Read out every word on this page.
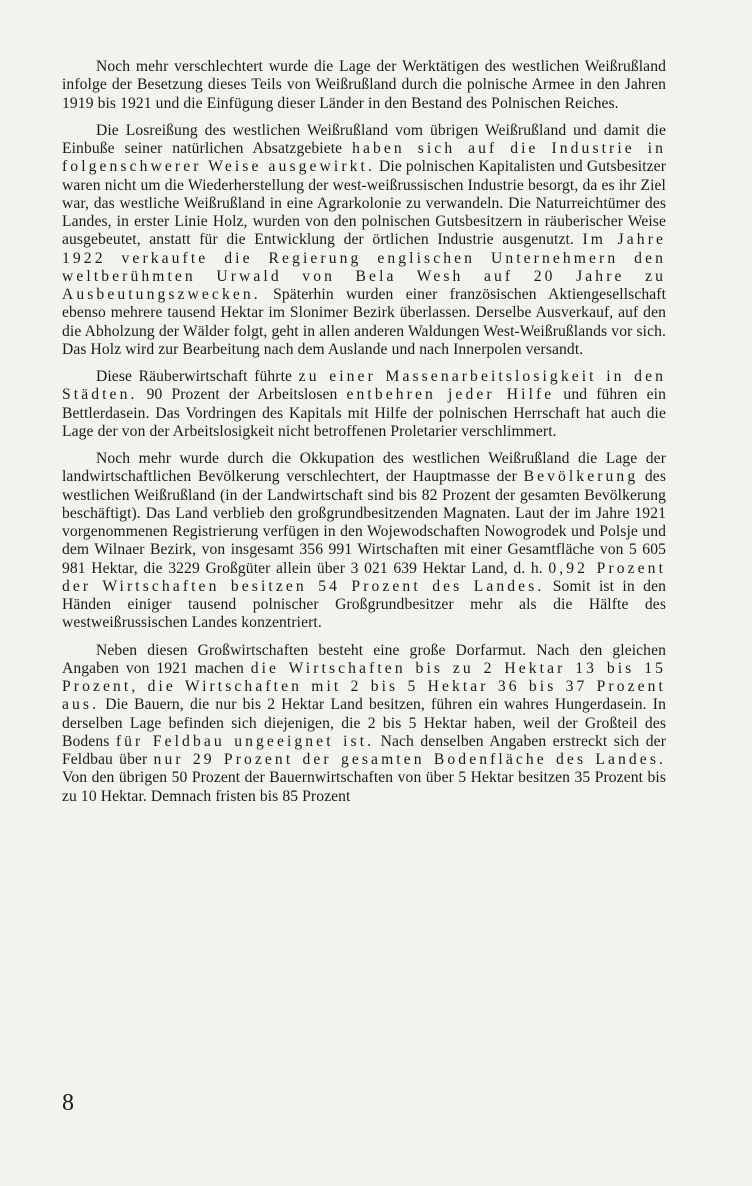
Noch mehr verschlechtert wurde die Lage der Werktätigen des westlichen Weißrußland infolge der Besetzung dieses Teils von Weißrußland durch die polnische Armee in den Jahren 1919 bis 1921 und die Einfügung dieser Länder in den Bestand des Polnischen Reiches.

Die Losreißung des westlichen Weißrußland vom übrigen Weißrußland und damit die Einbuße seiner natürlichen Absatzgebiete haben sich auf die Industrie in folgenschwerer Weise ausgewirkt. Die polnischen Kapitalisten und Gutsbesitzer waren nicht um die Wiederherstellung der west-weißrussischen Industrie besorgt, da es ihr Ziel war, das westliche Weißrußland in eine Agrarkolonie zu verwandeln. Die Naturreichtümer des Landes, in erster Linie Holz, wurden von den polnischen Gutsbesitzern in räuberischer Weise ausgebeutet, anstatt für die Entwicklung der örtlichen Industrie ausgenutzt. Im Jahre 1922 verkaufte die Regierung englischen Unternehmern den weltberühmten Urwald von Bela Wesh auf 20 Jahre zu Ausbeutungszwecken. Späterhin wurden einer französischen Aktiengesellschaft ebenso mehrere tausend Hektar im Slonimer Bezirk überlassen. Derselbe Ausverkauf, auf den die Abholzung der Wälder folgt, geht in allen anderen Waldungen West-Weißrußlands vor sich. Das Holz wird zur Bearbeitung nach dem Auslande und nach Innerpolen versandt.

Diese Räuberwirtschaft führte zu einer Massenarbeitslosigkeit in den Städten. 90 Prozent der Arbeitslosen entbehren jeder Hilfe und führen ein Bettlerdasein. Das Vordringen des Kapitals mit Hilfe der polnischen Herrschaft hat auch die Lage der von der Arbeitslosigkeit nicht betroffenen Proletarier verschlimmert.

Noch mehr wurde durch die Okkupation des westlichen Weißrußland die Lage der landwirtschaftlichen Bevölkerung verschlechtert, der Hauptmasse der Bevölkerung des westlichen Weißrußland (in der Landwirtschaft sind bis 82 Prozent der gesamten Bevölkerung beschäftigt). Das Land verblieb den großgrundbesitzenden Magnaten. Laut der im Jahre 1921 vorgenommenen Registrierung verfügen in den Wojewodschaften Nowogrodek und Polsje und dem Wilnaer Bezirk, von insgesamt 356 991 Wirtschaften mit einer Gesamtfläche von 5 605 981 Hektar, die 3229 Großgüter allein über 3 021 639 Hektar Land, d. h. 0,92 Prozent der Wirtschaften besitzen 54 Prozent des Landes. Somit ist in den Händen einiger tausend polnischer Großgrundbesitzer mehr als die Hälfte des westweißrussischen Landes konzentriert.

Neben diesen Großwirtschaften besteht eine große Dorfarmut. Nach den gleichen Angaben von 1921 machen die Wirtschaften bis zu 2 Hektar 13 bis 15 Prozent, die Wirtschaften mit 2 bis 5 Hektar 36 bis 37 Prozent aus. Die Bauern, die nur bis 2 Hektar Land besitzen, führen ein wahres Hungerdasein. In derselben Lage befinden sich diejenigen, die 2 bis 5 Hektar haben, weil der Großteil des Bodens für Feldbau ungeeignet ist. Nach denselben Angaben erstreckt sich der Feldbau über nur 29 Prozent der gesamten Bodenfläche des Landes. Von den übrigen 50 Prozent der Bauernwirtschaften von über 5 Hektar besitzen 35 Prozent bis zu 10 Hektar. Demnach fristen bis 85 Prozent

8
